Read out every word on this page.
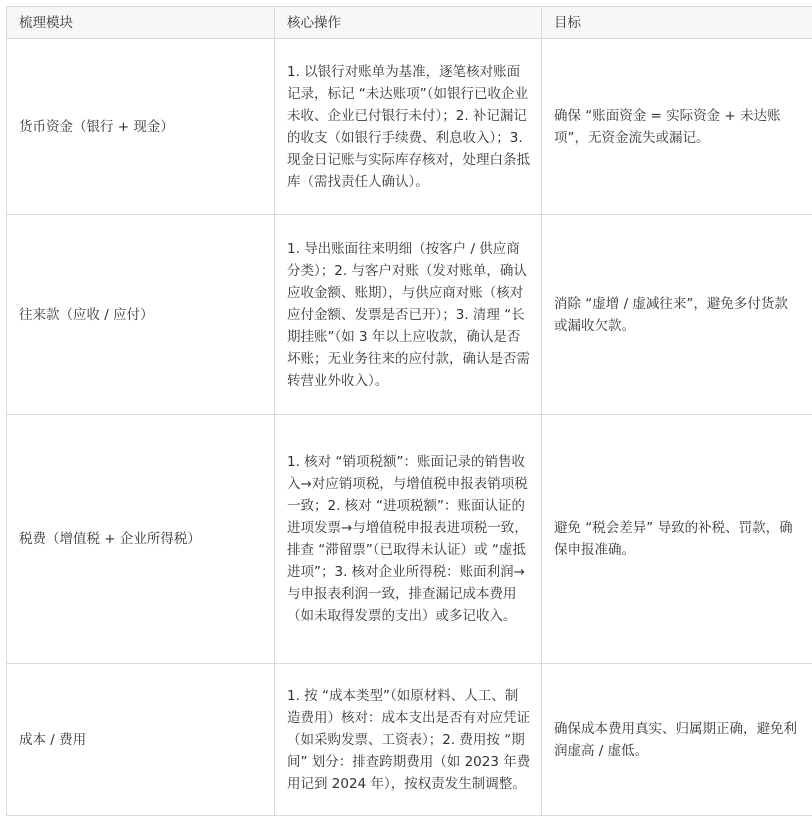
梳理模块	核心操作	目标
货币资金（银行 + 现金）	1. 以银行对账单为基准，逐笔核对账面记录，标记 “未达账项”（如银行已收企业未收、企业已付银行未付）；2. 补记漏记的收支（如银行手续费、利息收入）；3. 现金日记账与实际库存核对，处理白条抵库（需找责任人确认）。	确保 “账面资金 = 实际资金 + 未达账项”，无资金流失或漏记。
往来款（应收 / 应付）	1. 导出账面往来明细（按客户 / 供应商分类）；2. 与客户对账（发对账单，确认应收金额、账期），与供应商对账（核对应付金额、发票是否已开）；3. 清理 “长期挂账”（如 3 年以上应收款，确认是否坏账；无业务往来的应付款，确认是否需转营业外收入）。	消除 “虚增 / 虚减往来”，避免多付货款或漏收欠款。
税费（增值税 + 企业所得税）	1. 核对 “销项税额”：账面记录的销售收入→对应销项税，与增值税申报表销项税一致；2. 核对 “进项税额”：账面认证的进项发票→与增值税申报表进项税一致，排查 “滞留票”（已取得未认证）或 “虚抵进项”；3. 核对企业所得税：账面利润→与申报表利润一致，排查漏记成本费用（如未取得发票的支出）或多记收入。	避免 “税会差异” 导致的补税、罚款，确保申报准确。
成本 / 费用	1. 按 “成本类型”（如原材料、人工、制造费用）核对：成本支出是否有对应凭证（如采购发票、工资表）；2. 费用按 “期间” 划分：排查跨期费用（如 2023 年费用记到 2024 年），按权责发生制调整。	确保成本费用真实、归属期正确，避免利润虚高 / 虚低。
